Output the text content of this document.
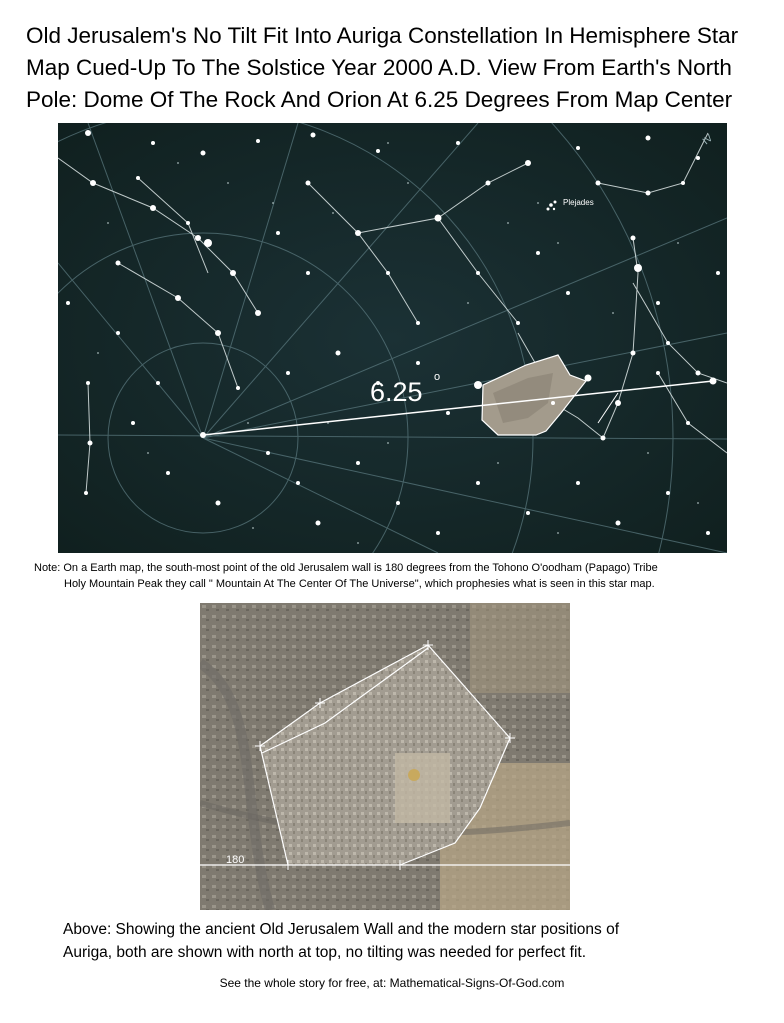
Old Jerusalem's No Tilt Fit Into Auriga Constellation In Hemisphere Star
Map Cued-Up To The Solstice Year 2000 A.D. View From Earth's North
Pole: Dome Of The Rock And Orion At 6.25 Degrees From Map Center
Plejades
IV
6.25 o
Note: On a Earth map, the south-most point of the old Jerusalem wall is 180 degrees from the Tohono O'oodham (Papago) Tribe
Holy Mountain Peak they call " Mountain At The Center Of The Universe", which prophesies what is seen in this star map.
180
Above: Showing the ancient Old Jerusalem Wall and the modern star positions of
Auriga, both are shown with north at top, no tilting was needed for perfect fit.
See the whole story for free, at: Mathematical-Signs-Of-God.com
